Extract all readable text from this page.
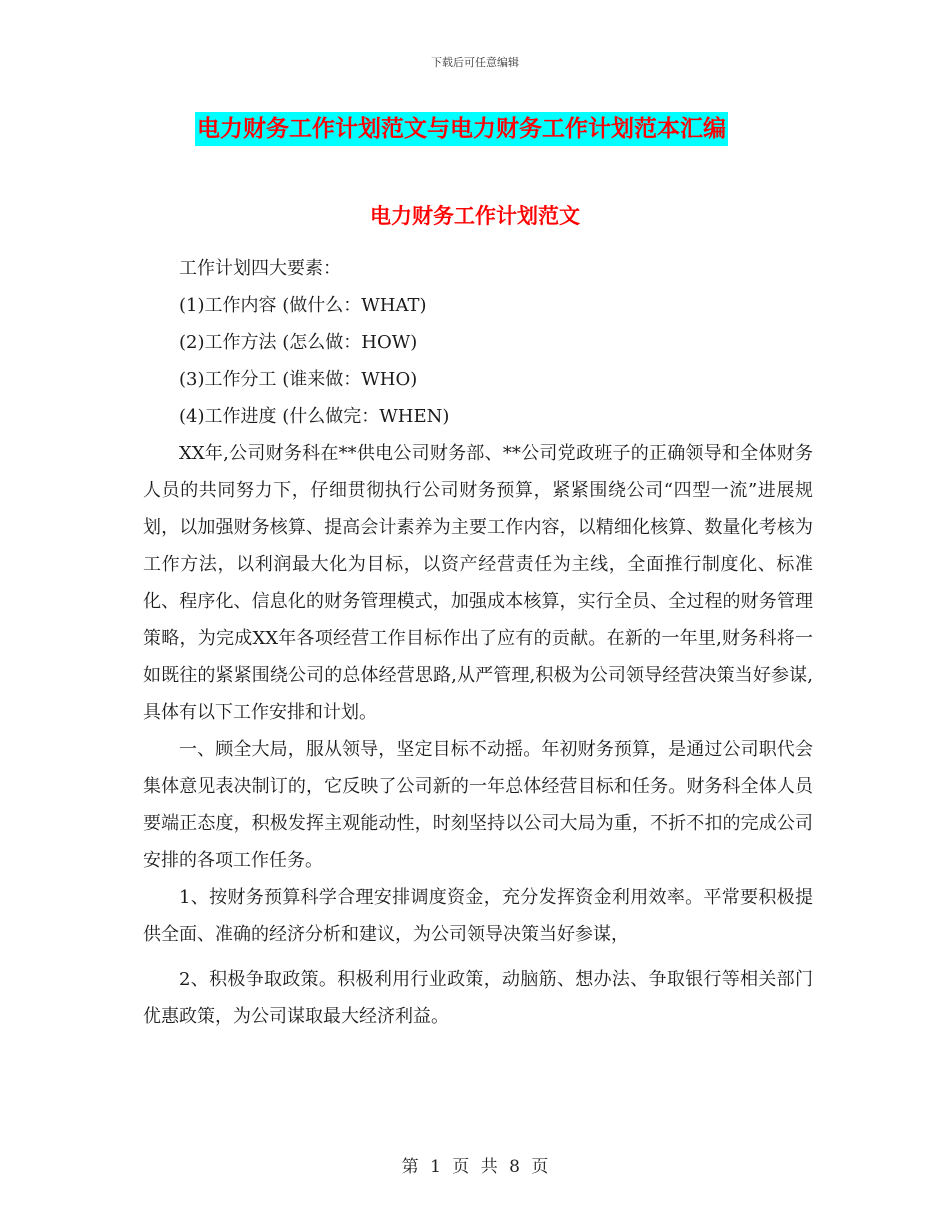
下载后可任意编辑
电力财务工作计划范文与电力财务工作计划范本汇编
电力财务工作计划范文

工作计划四大要素：

(1)工作内容 (做什么：WHAT)

(2)工作方法 (怎么做：HOW)

(3)工作分工 (谁来做：WHO)

(4)工作进度 (什么做完：WHEN)

XX年,公司财务科在**供电公司财务部、**公司党政班子的正确领导和全体财务人员的共同努力下，仔细贯彻执行公司财务预算，紧紧围绕公司“四型一流”进展规划，以加强财务核算、提高会计素养为主要工作内容，以精细化核算、数量化考核为工作方法，以利润最大化为目标，以资产经营责任为主线，全面推行制度化、标准化、程序化、信息化的财务管理模式，加强成本核算，实行全员、全过程的财务管理策略，为完成XX年各项经营工作目标作出了应有的贡献。在新的一年里,财务科将一如既往的紧紧围绕公司的总体经营思路,从严管理,积极为公司领导经营决策当好参谋,具体有以下工作安排和计划。

一、顾全大局，服从领导，坚定目标不动摇。年初财务预算，是通过公司职代会集体意见表决制订的，它反映了公司新的一年总体经营目标和任务。财务科全体人员要端正态度，积极发挥主观能动性，时刻坚持以公司大局为重，不折不扣的完成公司安排的各项工作任务。

1、按财务预算科学合理安排调度资金，充分发挥资金利用效率。平常要积极提供全面、准确的经济分析和建议，为公司领导决策当好参谋，

2、积极争取政策。积极利用行业政策，动脑筋、想办法、争取银行等相关部门优惠政策，为公司谋取最大经济利益。

第 1 页 共 8 页
